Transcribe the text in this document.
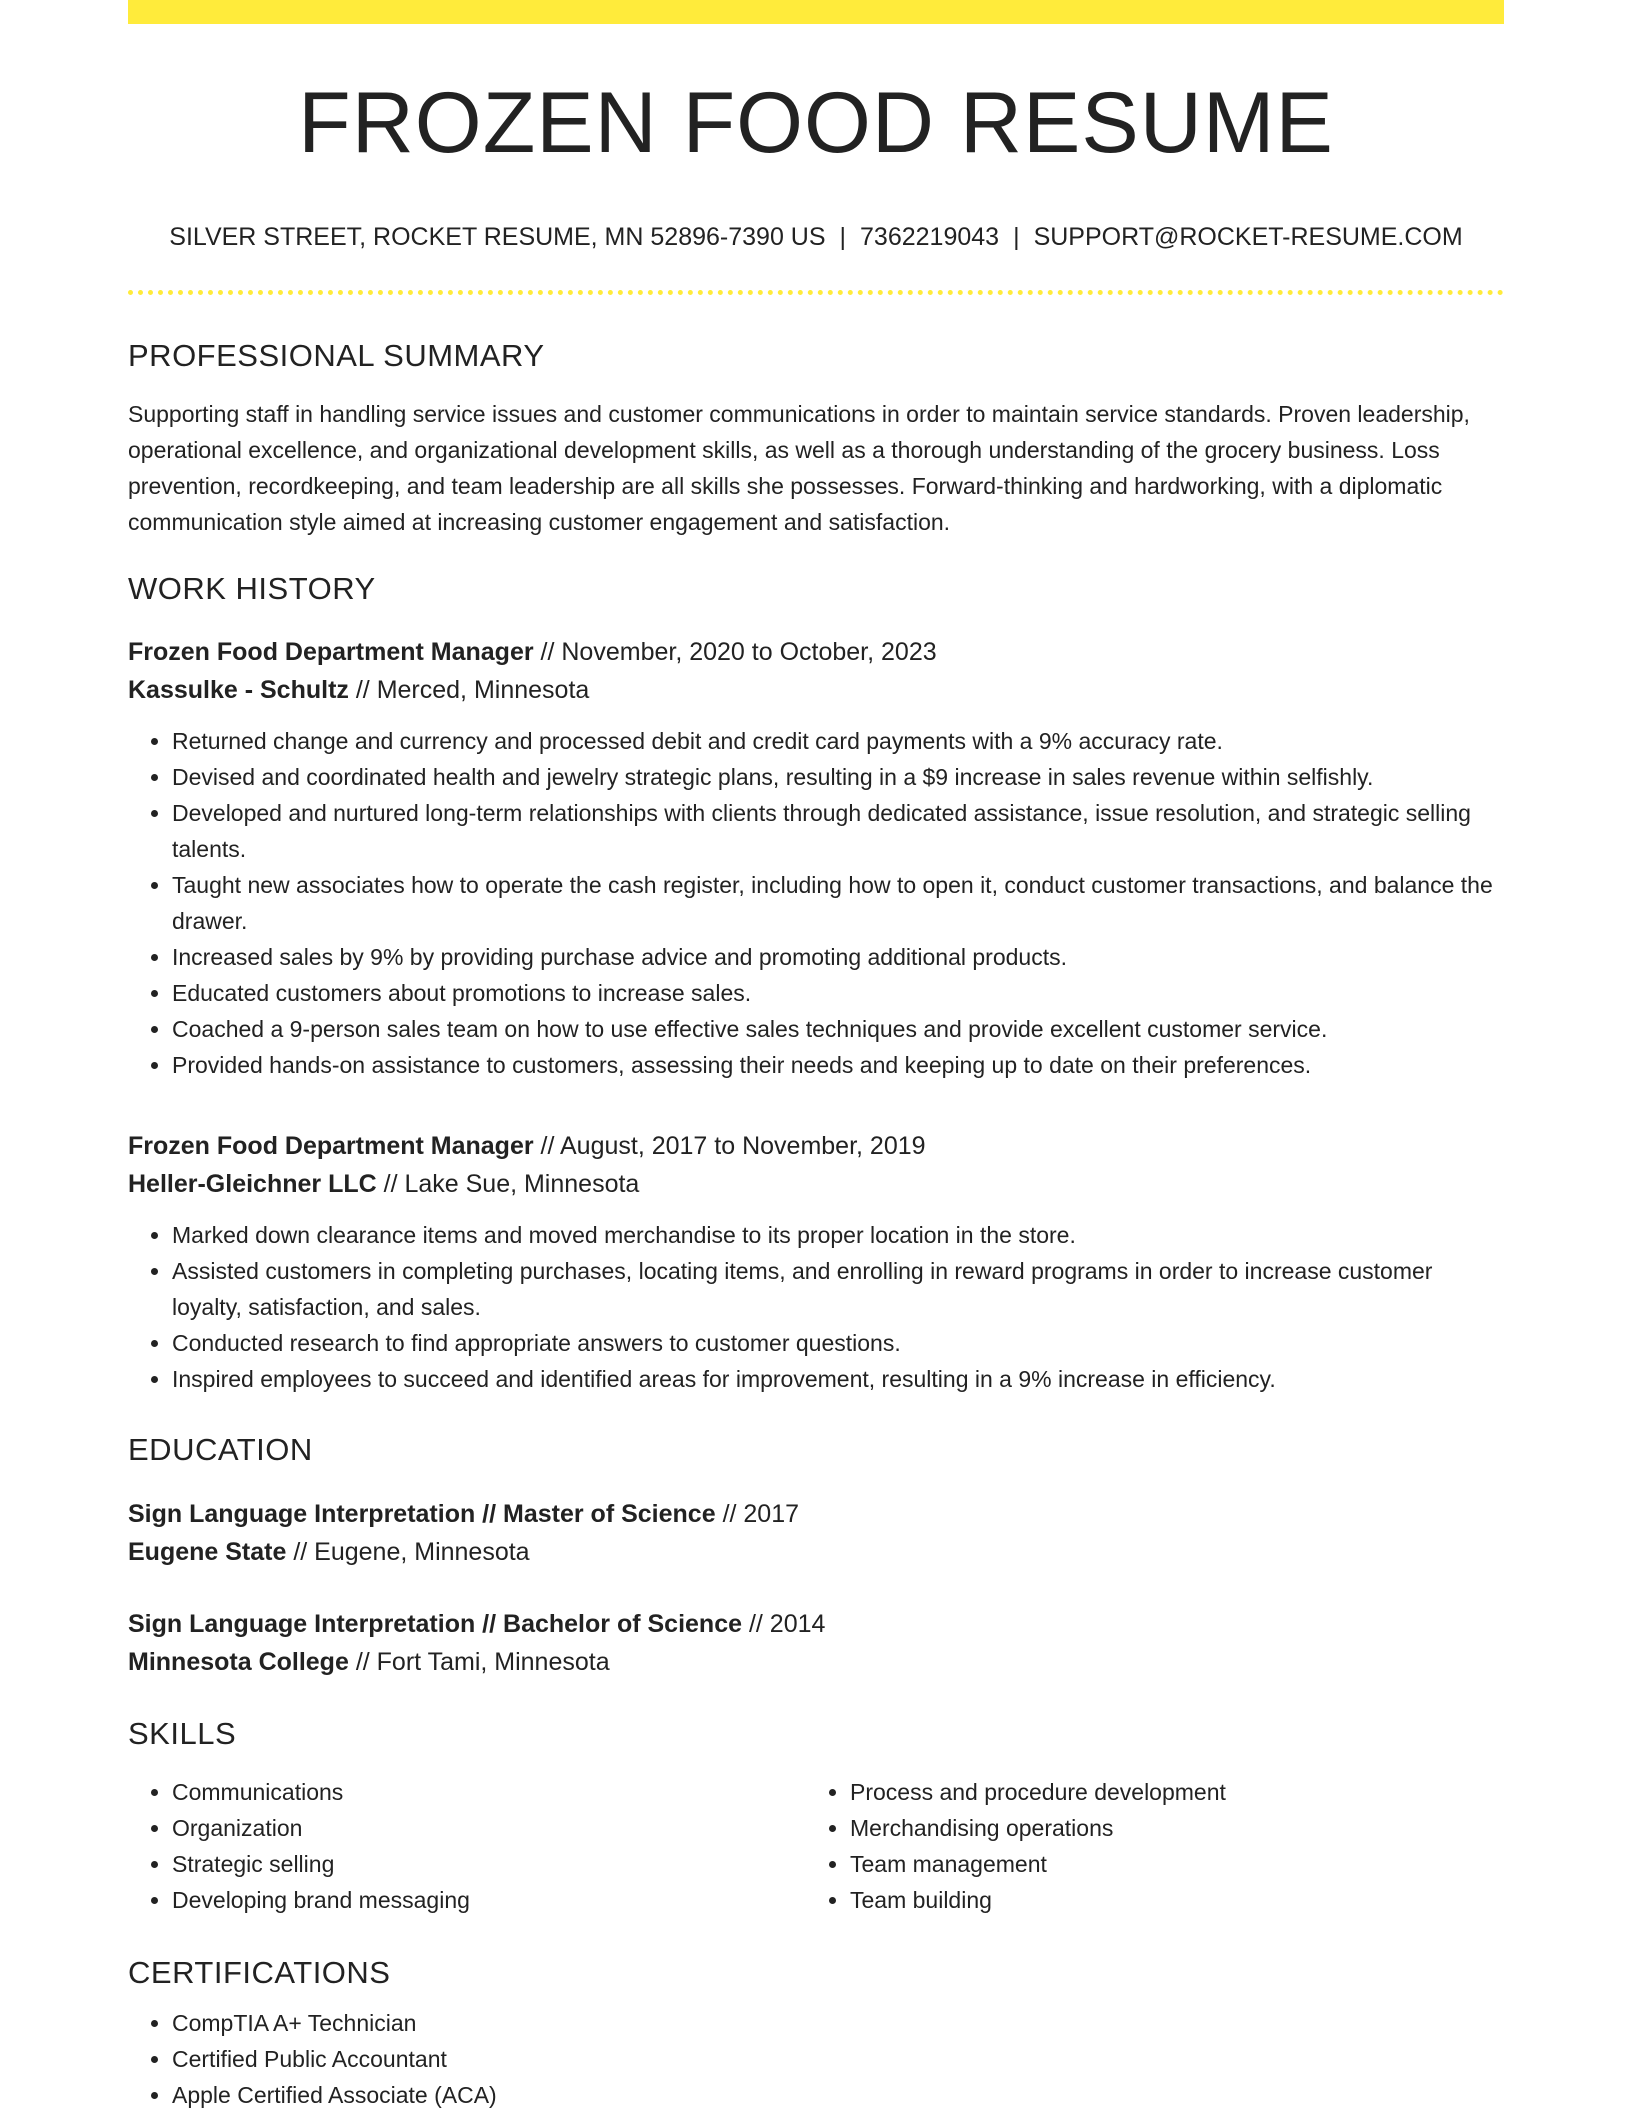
FROZEN FOOD RESUME
SILVER STREET, ROCKET RESUME, MN 52896-7390 US | 7362219043 | SUPPORT@ROCKET-RESUME.COM
PROFESSIONAL SUMMARY
Supporting staff in handling service issues and customer communications in order to maintain service standards. Proven leadership, operational excellence, and organizational development skills, as well as a thorough understanding of the grocery business. Loss prevention, recordkeeping, and team leadership are all skills she possesses. Forward-thinking and hardworking, with a diplomatic communication style aimed at increasing customer engagement and satisfaction.
WORK HISTORY
Frozen Food Department Manager // November, 2020 to October, 2023
Kassulke - Schultz // Merced, Minnesota
• Returned change and currency and processed debit and credit card payments with a 9% accuracy rate.
• Devised and coordinated health and jewelry strategic plans, resulting in a $9 increase in sales revenue within selfishly.
• Developed and nurtured long-term relationships with clients through dedicated assistance, issue resolution, and strategic selling talents.
• Taught new associates how to operate the cash register, including how to open it, conduct customer transactions, and balance the drawer.
• Increased sales by 9% by providing purchase advice and promoting additional products.
• Educated customers about promotions to increase sales.
• Coached a 9-person sales team on how to use effective sales techniques and provide excellent customer service.
• Provided hands-on assistance to customers, assessing their needs and keeping up to date on their preferences.
Frozen Food Department Manager // August, 2017 to November, 2019
Heller-Gleichner LLC // Lake Sue, Minnesota
• Marked down clearance items and moved merchandise to its proper location in the store.
• Assisted customers in completing purchases, locating items, and enrolling in reward programs in order to increase customer loyalty, satisfaction, and sales.
• Conducted research to find appropriate answers to customer questions.
• Inspired employees to succeed and identified areas for improvement, resulting in a 9% increase in efficiency.
EDUCATION
Sign Language Interpretation // Master of Science // 2017
Eugene State // Eugene, Minnesota
Sign Language Interpretation // Bachelor of Science // 2014
Minnesota College // Fort Tami, Minnesota
SKILLS
• Communications
• Organization
• Strategic selling
• Developing brand messaging
• Process and procedure development
• Merchandising operations
• Team management
• Team building
CERTIFICATIONS
• CompTIA A+ Technician
• Certified Public Accountant
• Apple Certified Associate (ACA)
